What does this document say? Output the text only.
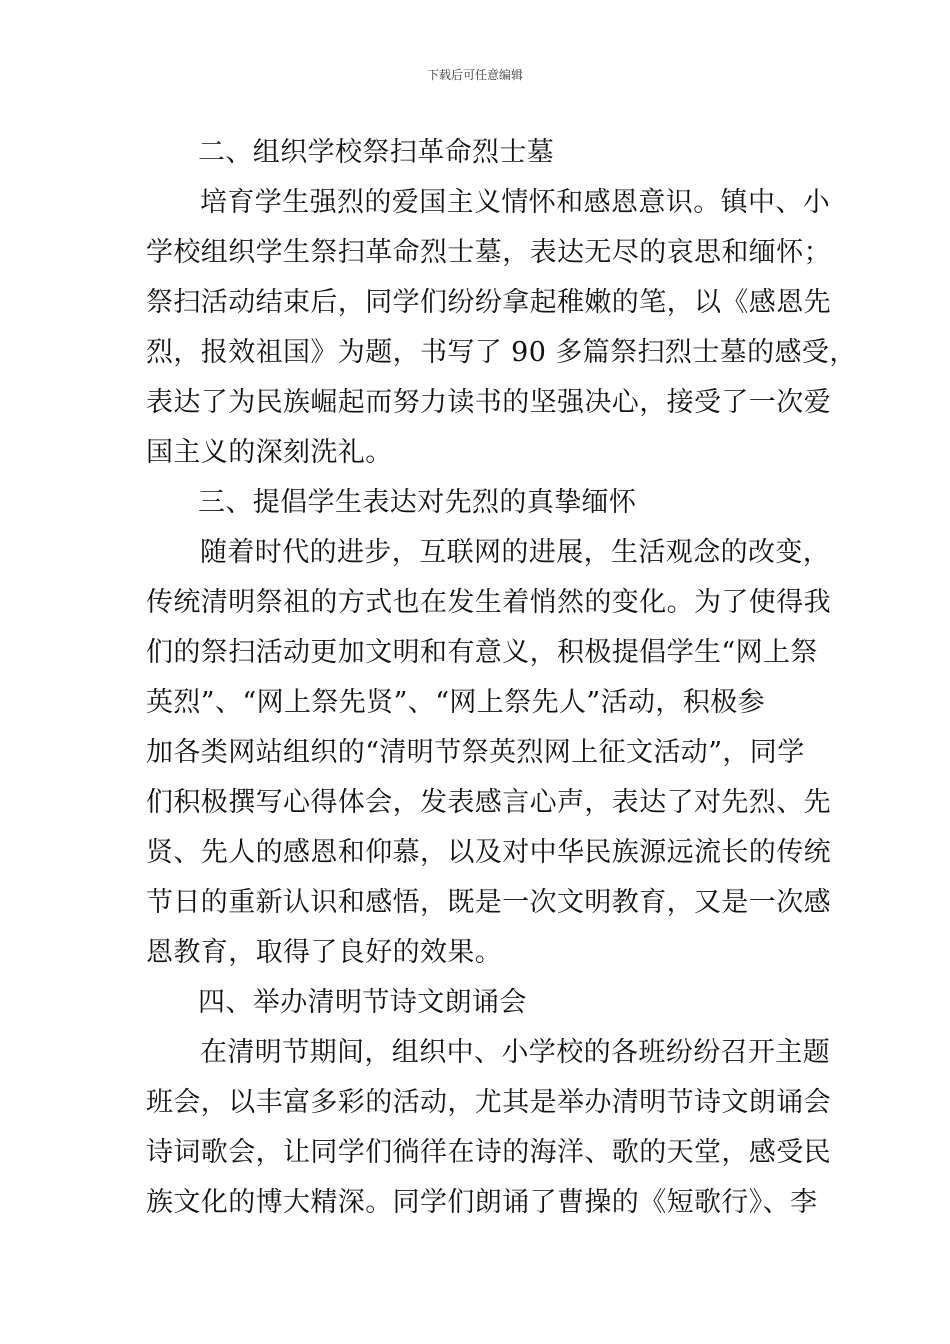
下载后可任意编辑
二、组织学校祭扫革命烈士墓
培育学生强烈的爱国主义情怀和感恩意识。镇中、小
学校组织学生祭扫革命烈士墓，表达无尽的哀思和缅怀；
祭扫活动结束后，同学们纷纷拿起稚嫩的笔，以《感恩先
烈，报效祖国》为题，书写了 90 多篇祭扫烈士墓的感受，
表达了为民族崛起而努力读书的坚强决心，接受了一次爱
国主义的深刻洗礼。
三、提倡学生表达对先烈的真挚缅怀
随着时代的进步，互联网的进展，生活观念的改变，
传统清明祭祖的方式也在发生着悄然的变化。为了使得我
们的祭扫活动更加文明和有意义，积极提倡学生“网上祭
英烈”、“网上祭先贤”、“网上祭先人”活动，积极参
加各类网站组织的“清明节祭英烈网上征文活动”，同学
们积极撰写心得体会，发表感言心声，表达了对先烈、先
贤、先人的感恩和仰慕，以及对中华民族源远流长的传统
节日的重新认识和感悟，既是一次文明教育，又是一次感
恩教育，取得了良好的效果。
四、举办清明节诗文朗诵会
在清明节期间，组织中、小学校的各班纷纷召开主题
班会，以丰富多彩的活动，尤其是举办清明节诗文朗诵会
诗词歌会，让同学们徜徉在诗的海洋、歌的天堂，感受民
族文化的博大精深。同学们朗诵了曹操的《短歌行》、李
